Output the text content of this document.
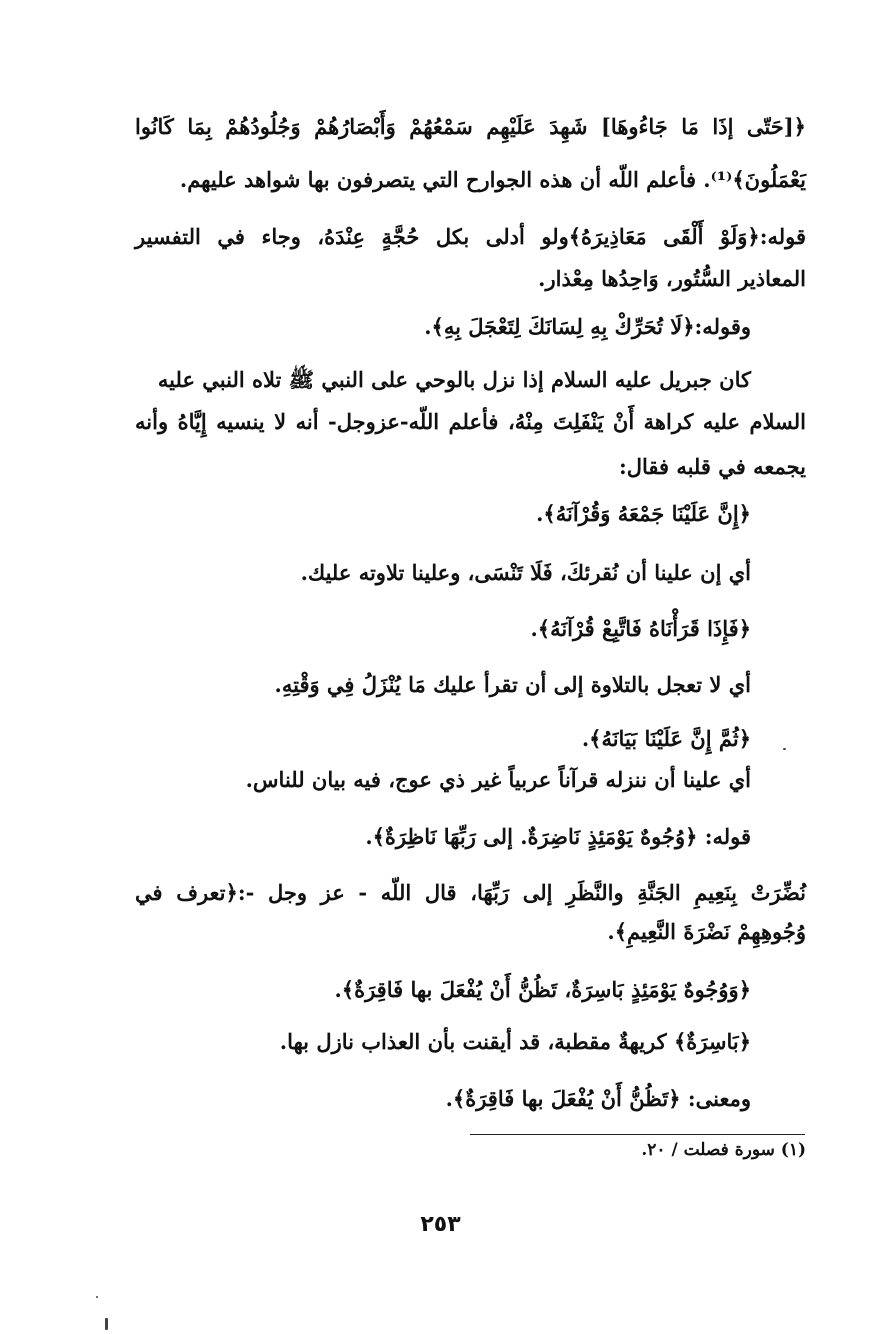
﴿[حَتّى إذَا مَا جَاءُوهَا] شَهِدَ عَلَيْهِم سَمْعُهُمْ وَأَبْصَارُهُمْ وَجُلُودُهُمْ بِمَا كَانُوا
يَعْمَلُونَ﴾⁽¹⁾. فأعلم اللّه أن هذه الجوارح التي يتصرفون بها شواهد عليهم.
قوله:﴿وَلَوْ أَلْقَى مَعَاذِيرَهُ﴾ولو أدلى بكل حُجَّةٍ عِنْدَهُ، وجاء في التفسير
المعاذير السُّتُور، وَاحِدُها مِعْذار.
وقوله:﴿لَا تُحَرِّكْ بِهِ لِسَانَكَ لِتَعْجَلَ بِهِ﴾.
كان جبريل عليه السلام إذا نزل بالوحي على النبي ﷺ تلاه النبي عليه
السلام عليه كراهة أَنْ يَنْفَلِتَ مِنْهُ، فأعلم اللّه-عزوجل- أنه لا ينسيه إِيَّاهُ وأنه
يجمعه في قلبه فقال:
﴿إِنَّ عَلَيْنَا جَمْعَهُ وَقُرْآنَهُ﴾.
أي إن علينا أن نُقرئكَ، فَلَا تَنْسَى، وعلينا تلاوته عليك.
﴿فَإِذَا قَرَأْنَاهُ فَاتَّبِعْ قُرْآنَهُ﴾.
أي لا تعجل بالتلاوة إلى أن تقرأ عليك مَا يُنْزَلُ فِي وَقْتِهِ.
﴿ثُمَّ إِنَّ عَلَيْنَا بَيَانَهُ﴾.
أي علينا أن ننزله قرآناً عربياً غير ذي عوج، فيه بيان للناس.
قوله: ﴿وُجُوهٌ يَوْمَئِذٍ نَاضِرَةٌ. إلى رَبِّهَا نَاظِرَةٌ﴾.
نُضِّرَتْ بِنَعِيمِ الجَنَّةِ والنَّظَرِ إلى رَبِّهَا، قال اللّه - عز وجل -:﴿تعرف في
وُجُوهِهِمْ نَضْرَةَ النَّعِيمِ﴾.
﴿وَوُجُوهٌ يَوْمَئِذٍ بَاسِرَةٌ، تَظُنُّ أَنْ يُفْعَلَ بها فَاقِرَةٌ﴾.
﴿بَاسِرَةٌ﴾ كريهةٌ مقطبة، قد أيقنت بأن العذاب نازل بها.
ومعنى: ﴿تَظُنُّ أَنْ يُفْعَلَ بها فَاقِرَةٌ﴾.
(١) سورة فصلت / ٢٠.
٢٥٣
